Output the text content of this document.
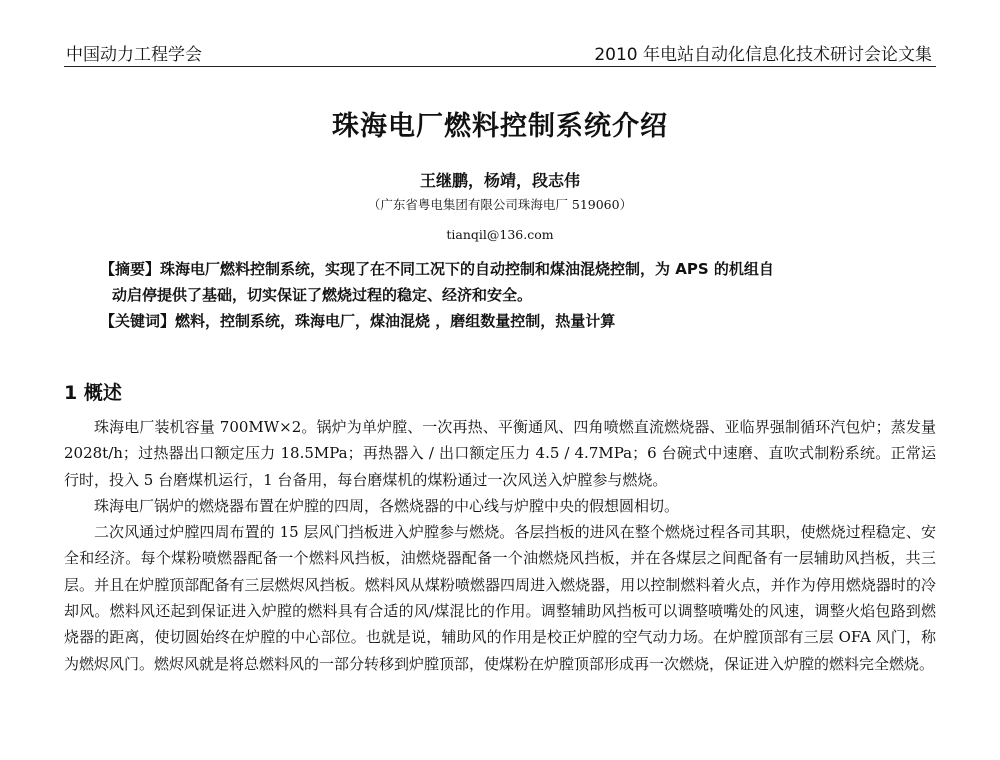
中国动力工程学会	2010 年电站自动化信息化技术研讨会论文集
珠海电厂燃料控制系统介绍
王继鹏，杨靖，段志伟
（广东省粤电集团有限公司珠海电厂 519060）
tianqil@136.com

【摘要】珠海电厂燃料控制系统，实现了在不同工况下的自动控制和煤油混烧控制，为 APS 的机组自

动启停提供了基础，切实保证了燃烧过程的稳定、经济和安全。

【关键词】燃料，控制系统，珠海电厂，煤油混烧 ，磨组数量控制，热量计算

1 概述

珠海电厂装机容量 700MW×2。锅炉为单炉膛、一次再热、平衡通风、四角喷燃直流燃烧器、亚临界强制循环汽包炉；蒸发量 2028t/h；过热器出口额定压力 18.5MPa；再热器入 / 出口额定压力 4.5 / 4.7MPa；6 台碗式中速磨、直吹式制粉系统。正常运行时，投入 5 台磨煤机运行，1 台备用，每台磨煤机的煤粉通过一次风送入炉膛参与燃烧。

珠海电厂锅炉的燃烧器布置在炉膛的四周，各燃烧器的中心线与炉膛中央的假想圆相切。

二次风通过炉膛四周布置的 15 层风门挡板进入炉膛参与燃烧。各层挡板的进风在整个燃烧过程各司其职，使燃烧过程稳定、安全和经济。每个煤粉喷燃器配备一个燃料风挡板，油燃烧器配备一个油燃烧风挡板，并在各煤层之间配备有一层辅助风挡板，共三层。并且在炉膛顶部配备有三层燃烬风挡板。燃料风从煤粉喷燃器四周进入燃烧器，用以控制燃料着火点，并作为停用燃烧器时的冷却风。燃料风还起到保证进入炉膛的燃料具有合适的风/煤混比的作用。调整辅助风挡板可以调整喷嘴处的风速，调整火焰包路到燃烧器的距离，使切圆始终在炉膛的中心部位。也就是说，辅助风的作用是校正炉膛的空气动力场。在炉膛顶部有三层 OFA 风门，称为燃烬风门。燃烬风就是将总燃料风的一部分转移到炉膛顶部，使煤粉在炉膛顶部形成再一次燃烧，保证进入炉膛的燃料完全燃烧。
